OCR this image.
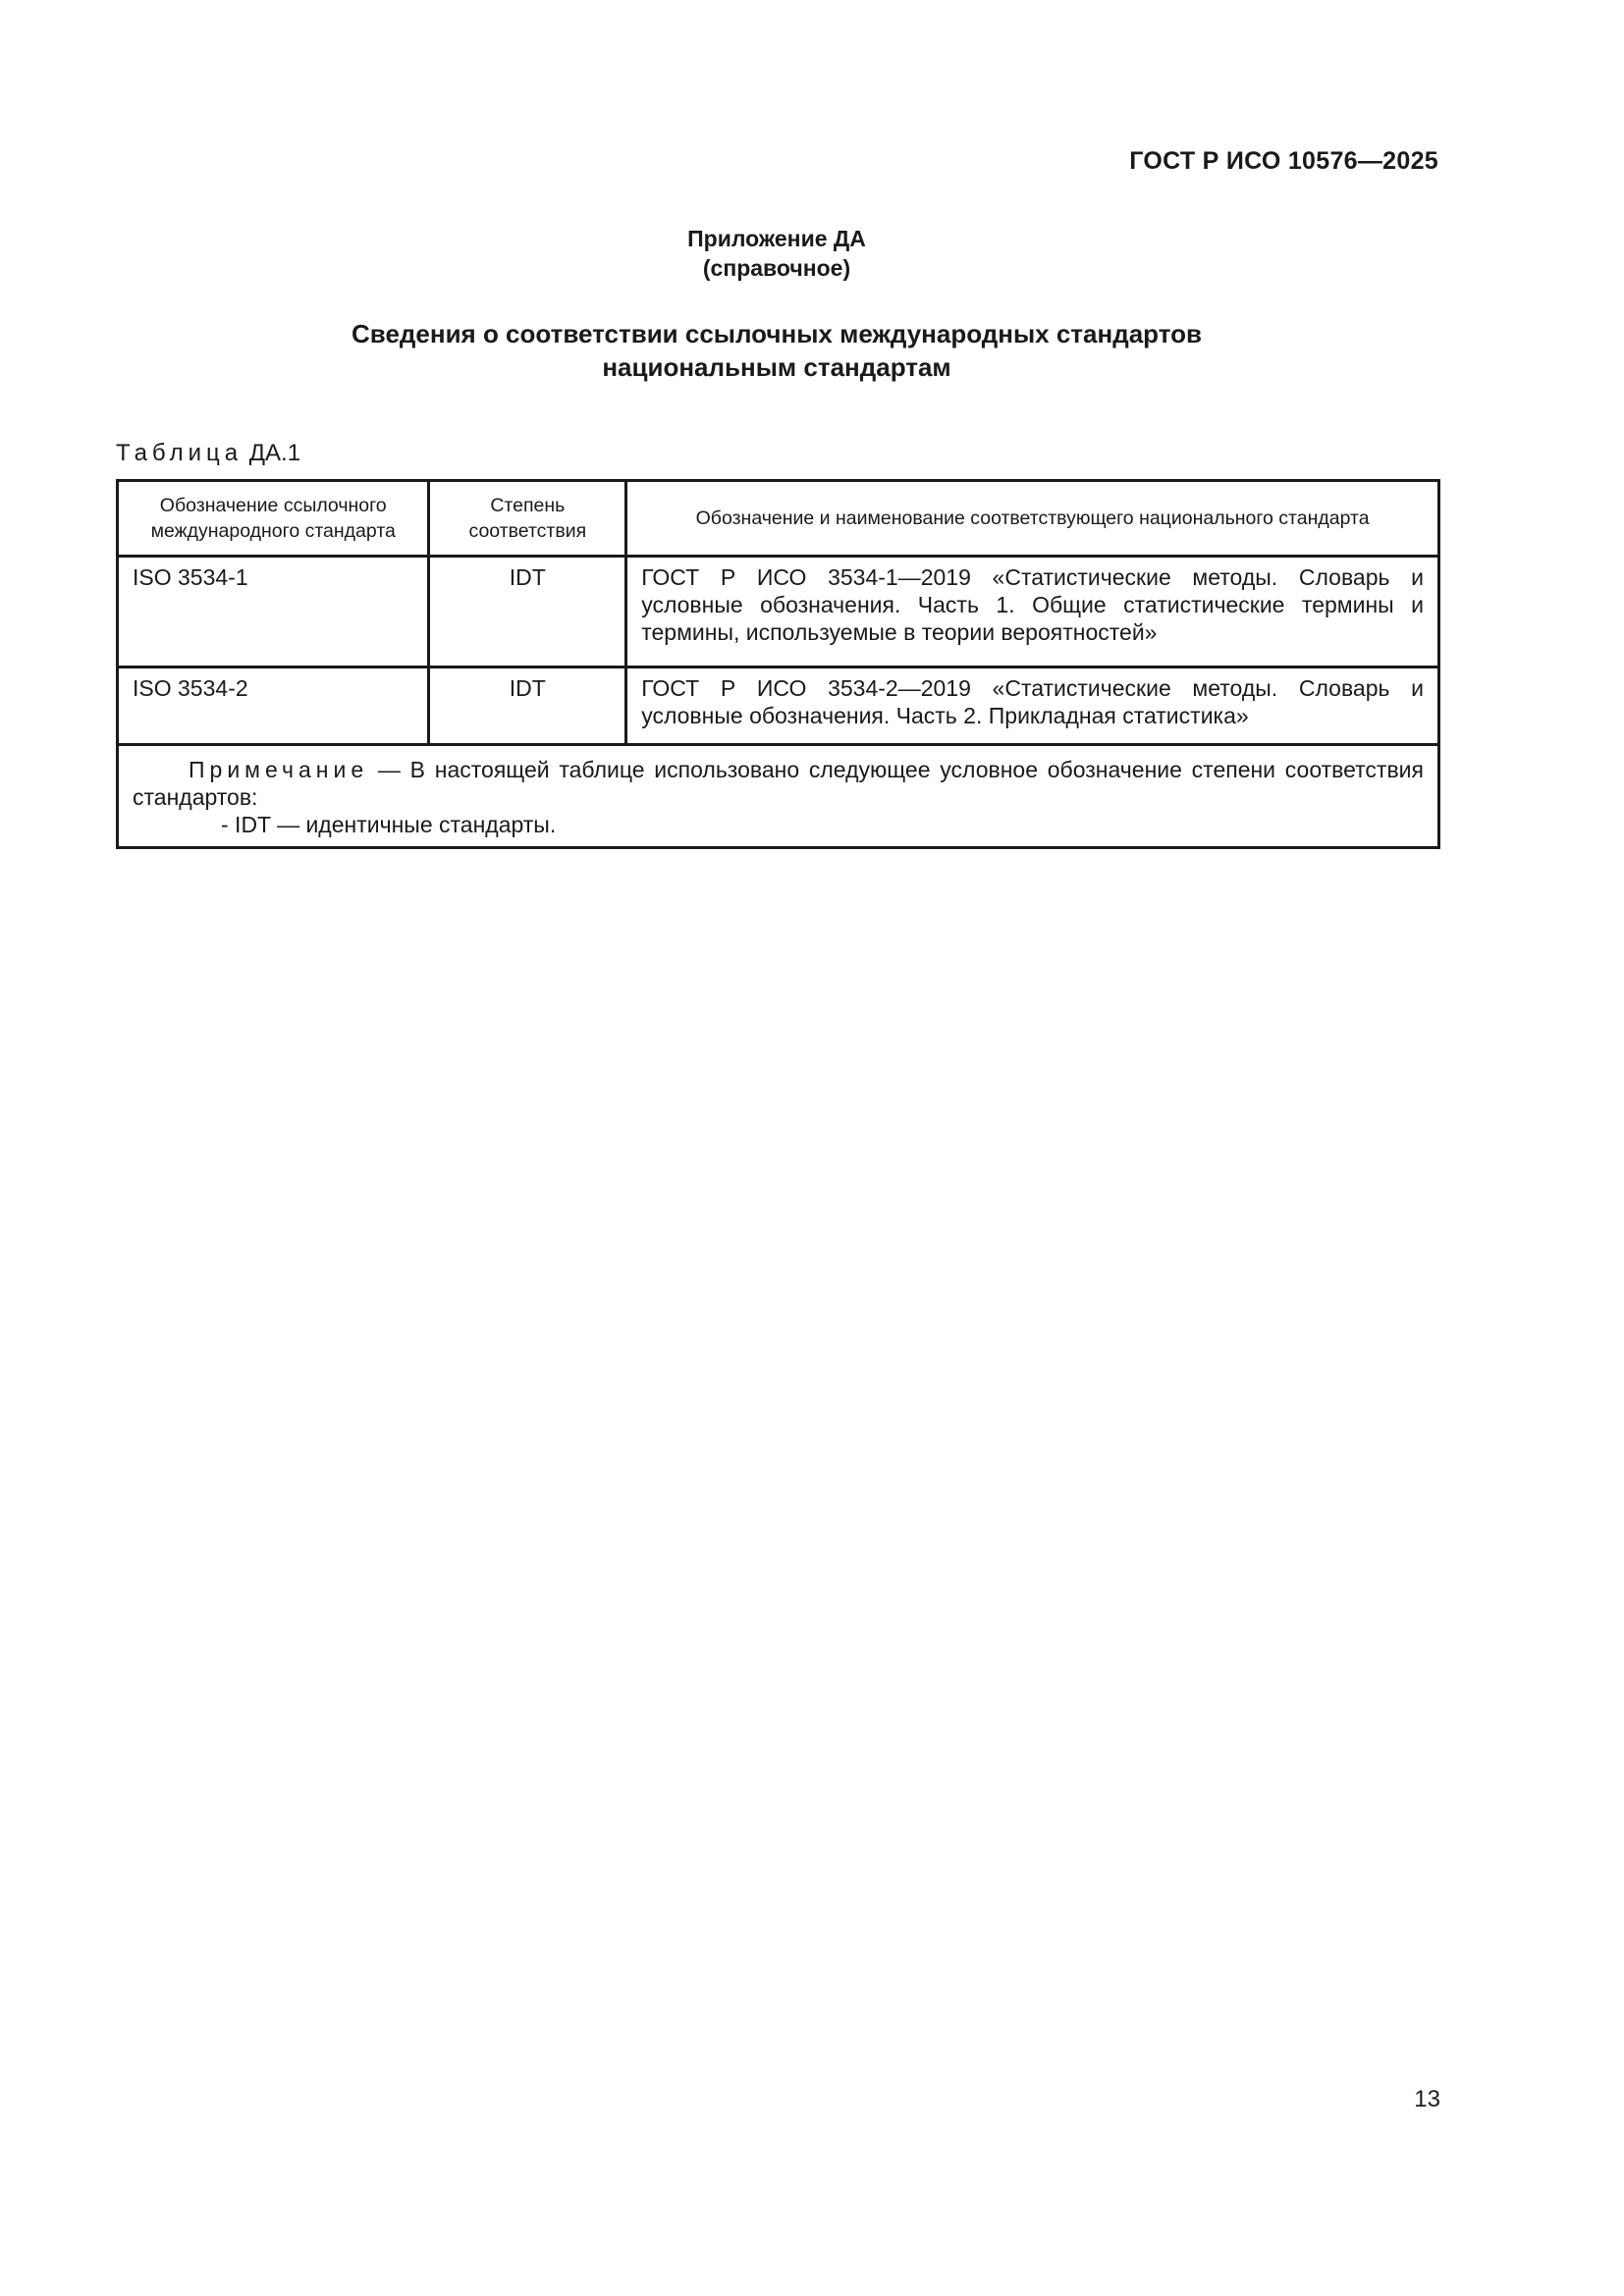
ГОСТ Р ИСО 10576—2025
Приложение ДА
(справочное)
Сведения о соответствии ссылочных международных стандартов
национальным стандартам
Таблица ДА.1
Обозначение ссылочного международного стандарта	Степень соответствия	Обозначение и наименование соответствующего национального стандарта
ISO 3534-1	IDT	ГОСТ Р ИСО 3534-1—2019 «Статистические методы. Словарь и условные обозначения. Часть 1. Общие статистические термины и термины, используемые в теории вероятностей»
ISO 3534-2	IDT	ГОСТ Р ИСО 3534-2—2019 «Статистические методы. Словарь и условные обозначения. Часть 2. Прикладная статистика»

Примечание — В настоящей таблице использовано следующее условное обозначение степени соответствия стандартов:
- IDT — идентичные стандарты.		
13
